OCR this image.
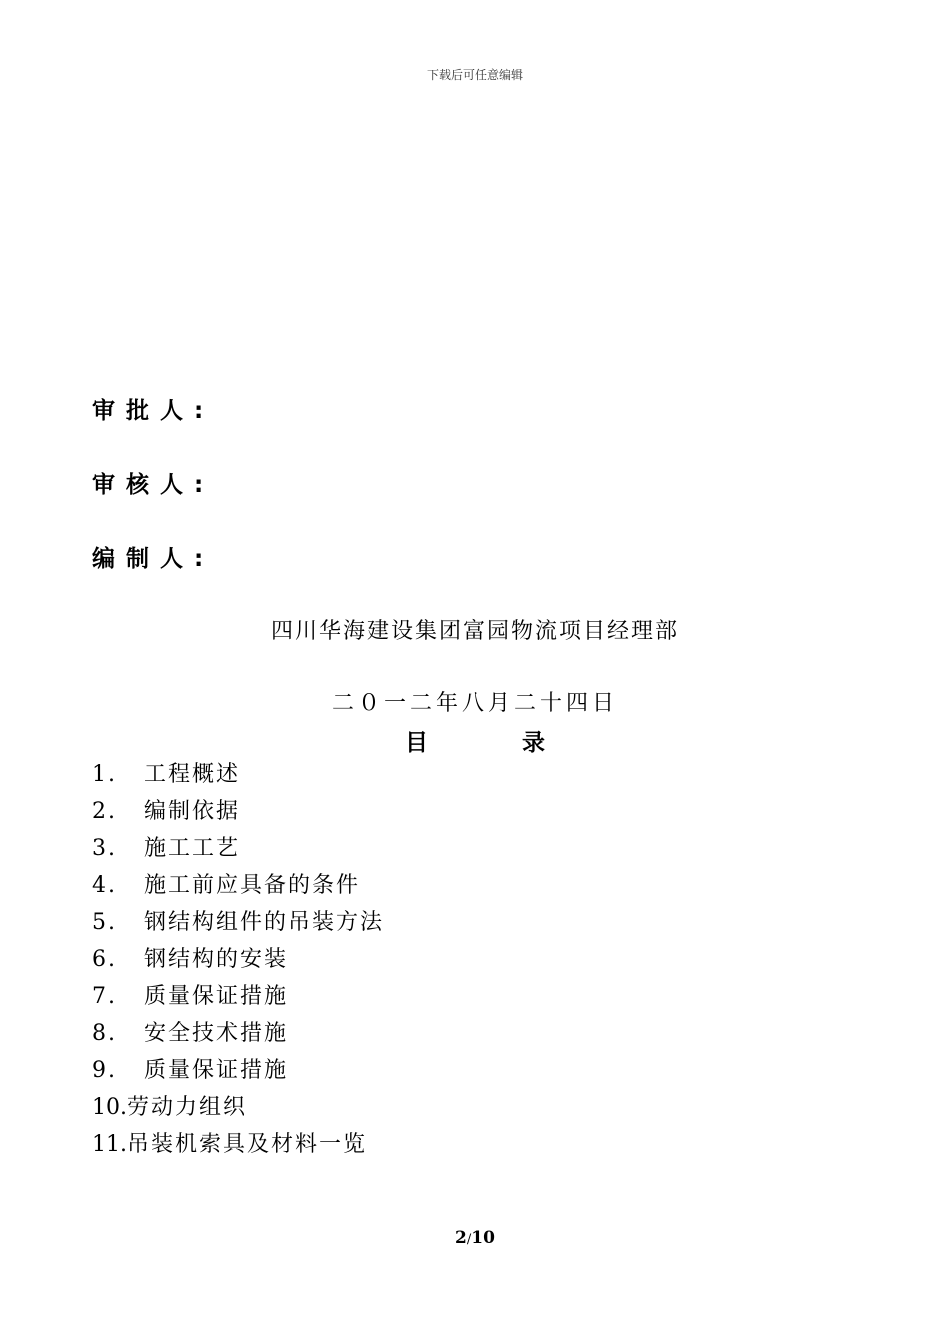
下载后可任意编辑
审批人:
审核人:
编制人:
四川华海建设集团富园物流项目经理部
二０一二年八月二十四日
目录
1. 工程概述
2. 编制依据
3. 施工工艺
4. 施工前应具备的条件
5. 钢结构组件的吊装方法
6. 钢结构的安装
7. 质量保证措施
8. 安全技术措施
9. 质量保证措施
10.劳动力组织
11.吊装机索具及材料一览
2/10
